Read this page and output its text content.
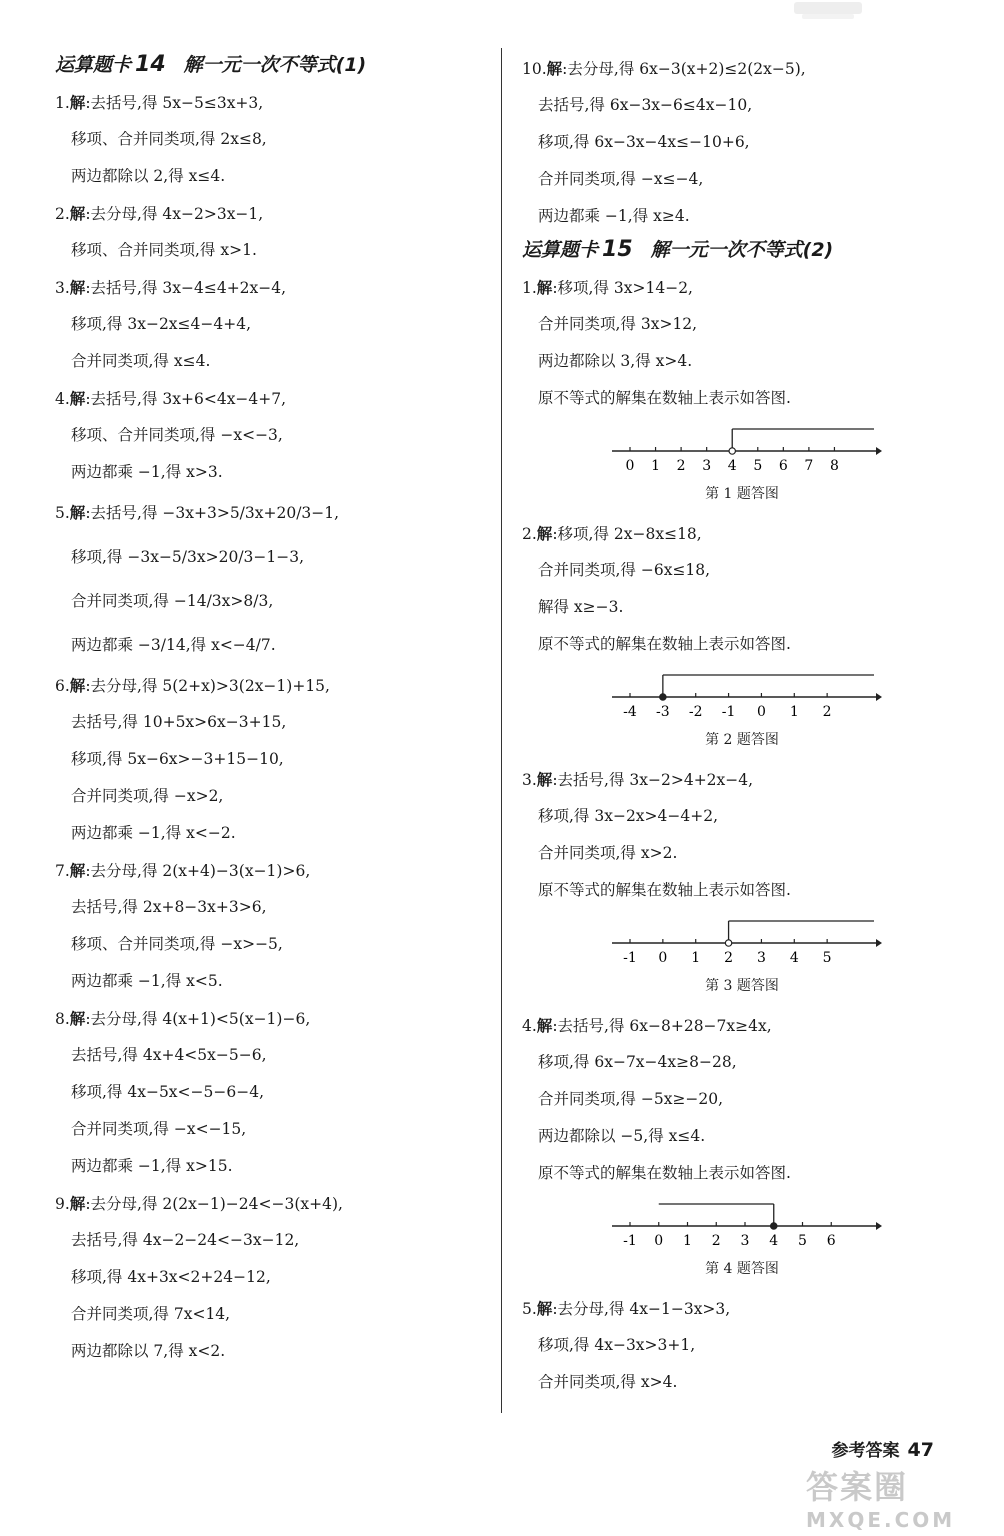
运算题卡 14 解一元一次不等式(1)
1.解:去括号,得 5x−5≤3x+3,
移项、合并同类项,得 2x≤8,
两边都除以 2,得 x≤4.
2.解:去分母,得 4x−2>3x−1,
移项、合并同类项,得 x>1.
3.解:去括号,得 3x−4≤4+2x−4,
移项,得 3x−2x≤4−4+4,
合并同类项,得 x≤4.
4.解:去括号,得 3x+6<4x−4+7,
移项、合并同类项,得 −x<−3,
两边都乘 −1,得 x>3.
5.解:去括号,得 −3x+3>5/3x+20/3−1,
移项,得 −3x−5/3x>20/3−1−3,
合并同类项,得 −14/3x>8/3,
两边都乘 −3/14,得 x<−4/7.
6.解:去分母,得 5(2+x)>3(2x−1)+15,
去括号,得 10+5x>6x−3+15,
移项,得 5x−6x>−3+15−10,
合并同类项,得 −x>2,
两边都乘 −1,得 x<−2.
7.解:去分母,得 2(x+4)−3(x−1)>6,
去括号,得 2x+8−3x+3>6,
移项、合并同类项,得 −x>−5,
两边都乘 −1,得 x<5.
8.解:去分母,得 4(x+1)<5(x−1)−6,
去括号,得 4x+4<5x−5−6,
移项,得 4x−5x<−5−6−4,
合并同类项,得 −x<−15,
两边都乘 −1,得 x>15.
9.解:去分母,得 2(2x−1)−24<−3(x+4),
去括号,得 4x−2−24<−3x−12,
移项,得 4x+3x<2+24−12,
合并同类项,得 7x<14,
两边都除以 7,得 x<2.
10.解:去分母,得 6x−3(x+2)≤2(2x−5),
去括号,得 6x−3x−6≤4x−10,
移项,得 6x−3x−4x≤−10+6,
合并同类项,得 −x≤−4,
两边都乘 −1,得 x≥4.
运算题卡 15 解一元一次不等式(2)
1.解:移项,得 3x>14−2,
合并同类项,得 3x>12,
两边都除以 3,得 x>4.
原不等式的解集在数轴上表示如答图.
0 1 2 3 4 5 6 7 8
第 1 题答图
2.解:移项,得 2x−8x≤18,
合并同类项,得 −6x≤18,
解得 x≥−3.
原不等式的解集在数轴上表示如答图.
-4 -3 -2 -1 0 1 2
第 2 题答图
3.解:去括号,得 3x−2>4+2x−4,
移项,得 3x−2x>4−4+2,
合并同类项,得 x>2.
原不等式的解集在数轴上表示如答图.
-1 0 1 2 3 4 5
第 3 题答图
4.解:去括号,得 6x−8+28−7x≥4x,
移项,得 6x−7x−4x≥8−28,
合并同类项,得 −5x≥−20,
两边都除以 −5,得 x≤4.
原不等式的解集在数轴上表示如答图.
-1 0 1 2 3 4 5 6
第 4 题答图
5.解:去分母,得 4x−1−3x>3,
移项,得 4x−3x>3+1,
合并同类项,得 x>4.
参考答案 47
答案圈
MXQE.COM
